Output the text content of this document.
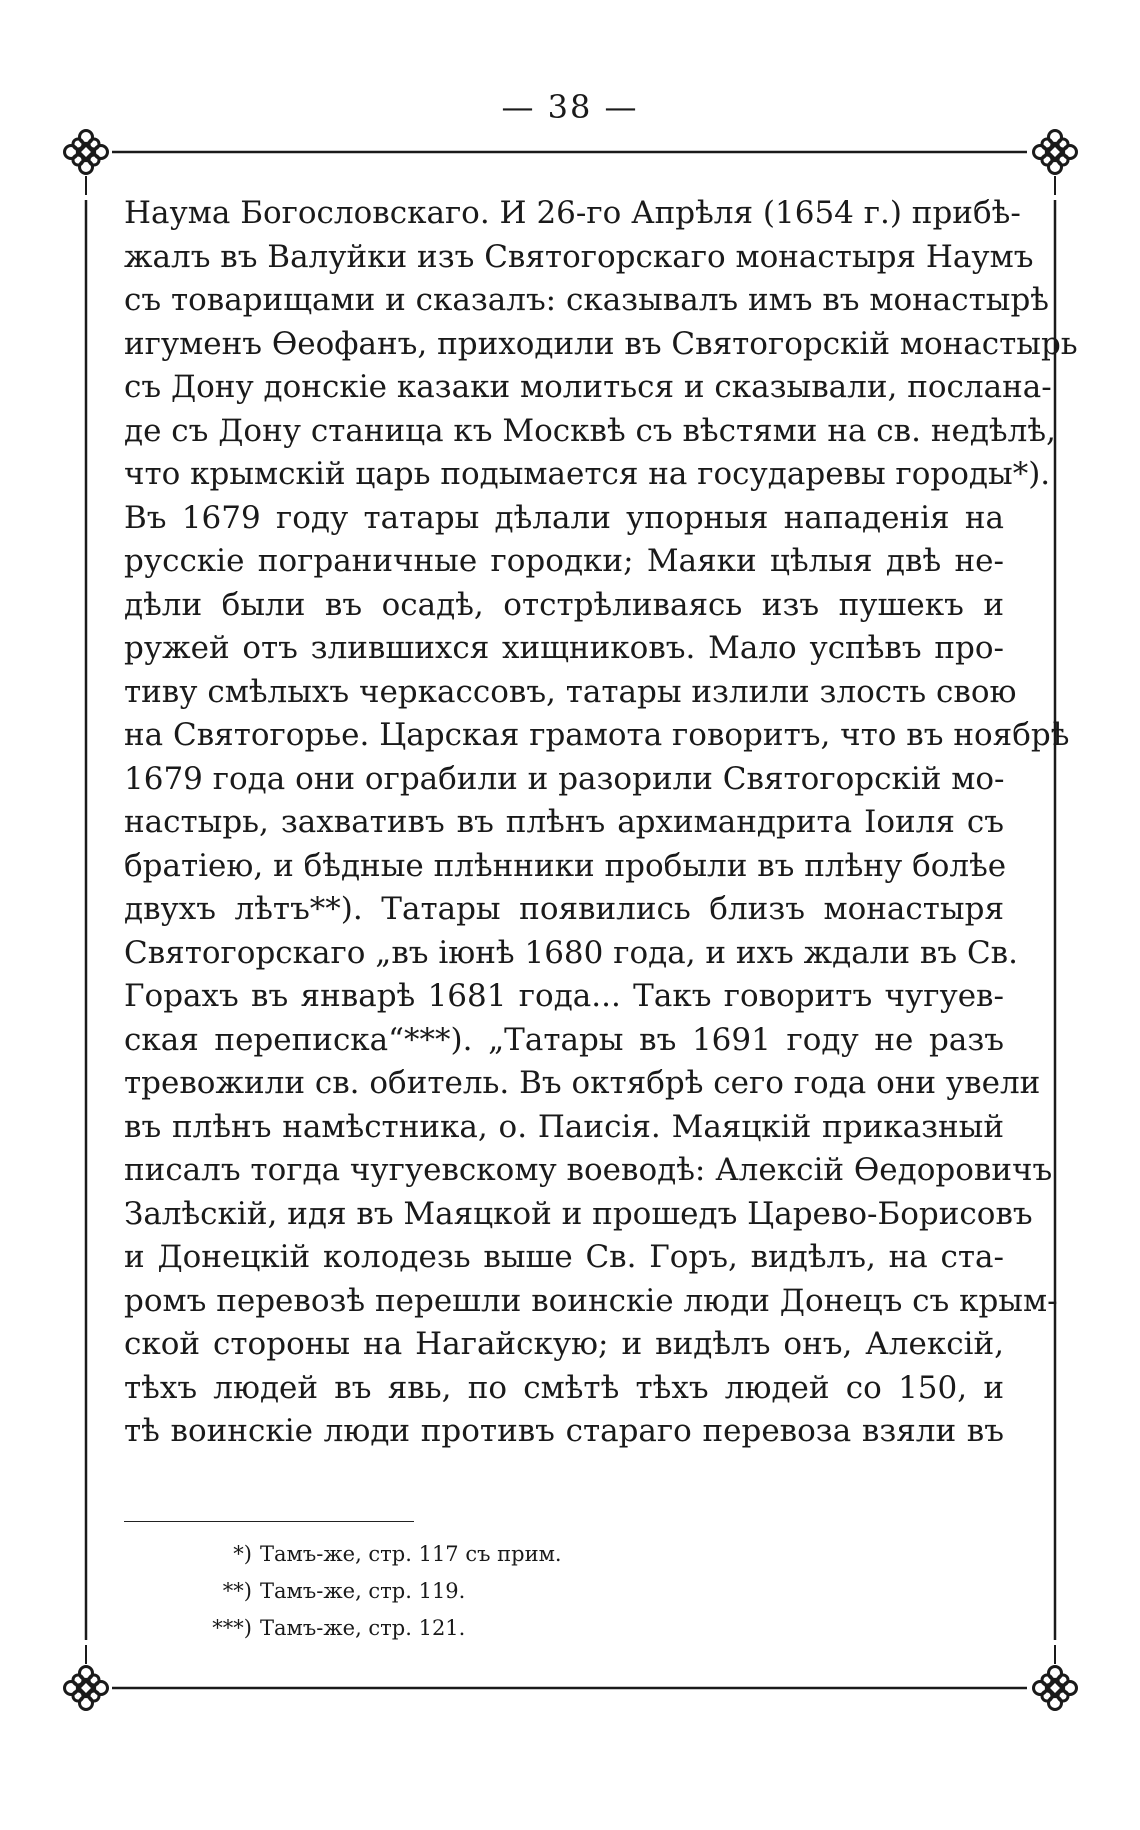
— 38 —
Наума Богословскаго. И 26-го Апрѣля (1654 г.) прибѣ-
жалъ въ Валуйки изъ Святогорскаго монастыря Наумъ
съ товарищами и сказалъ: сказывалъ имъ въ монастырѣ
игуменъ Ѳеофанъ, приходили въ Святогорскій монастырь
съ Дону донскіе казаки молиться и сказывали, послана-
де съ Дону станица къ Москвѣ съ вѣстями на св. недѣлѣ,
что крымскій царь подымается на государевы городы*).
Въ 1679 году татары дѣлали упорныя нападенія на
русскіе пограничные городки; Маяки цѣлыя двѣ не-
дѣли были въ осадѣ, отстрѣливаясь изъ пушекъ и
ружей отъ злившихся хищниковъ. Мало успѣвъ про-
тиву смѣлыхъ черкассовъ, татары излили злость свою
на Святогорье. Царская грамота говоритъ, что въ ноябрѣ
1679 года они ограбили и разорили Святогорскій мо-
настырь, захвативъ въ плѣнъ архимандрита Іоиля съ
братіею, и бѣдные плѣнники пробыли въ плѣну болѣе
двухъ лѣтъ**). Татары появились близъ монастыря
Святогорскаго „въ іюнѣ 1680 года, и ихъ ждали въ Св.
Горахъ въ январѣ 1681 года... Такъ говоритъ чугуев-
ская переписка“***). „Татары въ 1691 году не разъ
тревожили св. обитель. Въ октябрѣ сего года они увели
въ плѣнъ намѣстника, о. Паисія. Маяцкій приказный
писалъ тогда чугуевскому воеводѣ: Алексій Ѳедоровичъ
Залѣскій, идя въ Маяцкой и прошедъ Царево-Борисовъ
и Донецкій колодезь выше Св. Горъ, видѣлъ, на ста-
ромъ перевозѣ перешли воинскіе люди Донецъ съ крым-
ской стороны на Нагайскую; и видѣлъ онъ, Алексій,
тѣхъ людей въ явь, по смѣтѣ тѣхъ людей со 150, и
тѣ воинскіе люди противъ стараго перевоза взяли въ
*) Тамъ-же, стр. 117 съ прим.
**) Тамъ-же, стр. 119.
***) Тамъ-же, стр. 121.
